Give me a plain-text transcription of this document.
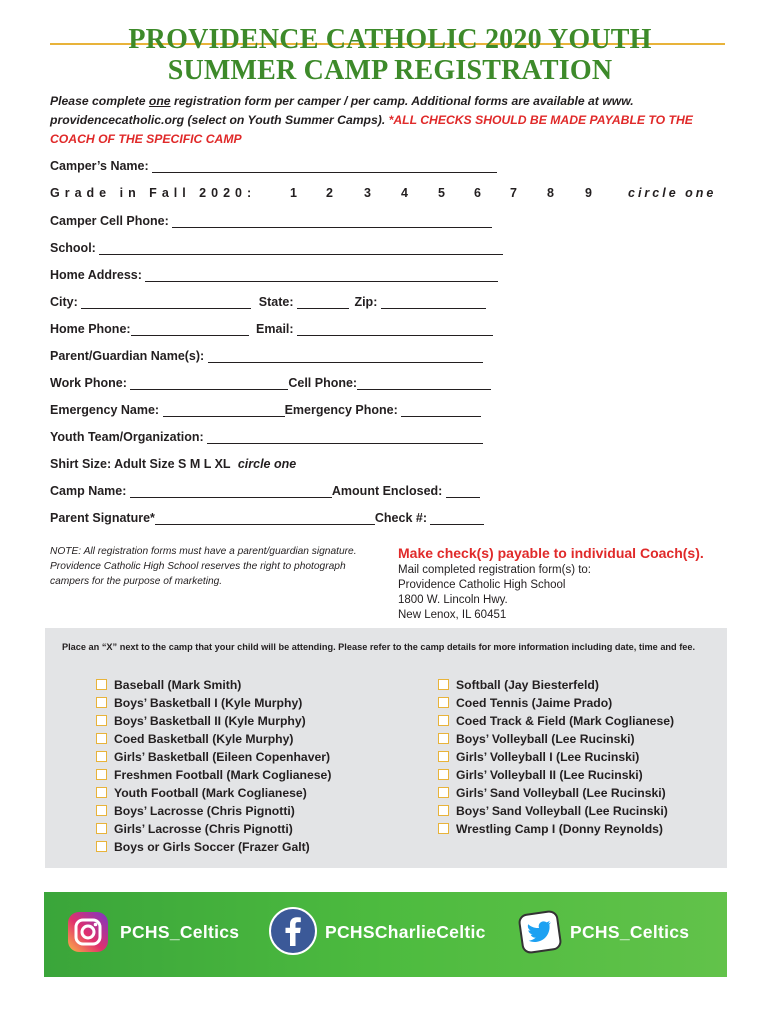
PROVIDENCE CATHOLIC 2020 YOUTH
SUMMER CAMP REGISTRATION
Please complete one registration form per camper / per camp. Additional forms are available at www. providencecatholic.org (select on Youth Summer Camps). *ALL CHECKS SHOULD BE MADE PAYABLE TO THE COACH OF THE SPECIFIC CAMP
Camper’s Name:
Grade in Fall 2020:	1 2 3 4 5 6 7 8 9	circle one
Camper Cell Phone:
School:
Home Address:
City:	State:	Zip:
Home Phone:	Email:
Parent/Guardian Name(s):
Work Phone:	Cell Phone:
Emergency Name:	Emergency Phone:
Youth Team/Organization:
Shirt Size: Adult Size S M L XL circle one
Camp Name:	Amount Enclosed:
Parent Signature*	Check #:
NOTE: All registration forms must have a parent/guardian signature. Providence Catholic High School reserves the right to photograph campers for the purpose of marketing.
Make check(s) payable to individual Coach(s).
Mail completed registration form(s) to:
Providence Catholic High School
1800 W. Lincoln Hwy.
New Lenox, IL 60451
Place an “X” next to the camp that your child will be attending. Please refer to the camp details for more information including date, time and fee.
Baseball (Mark Smith)
Boys’ Basketball I (Kyle Murphy)
Boys’ Basketball II (Kyle Murphy)
Coed Basketball (Kyle Murphy)
Girls’ Basketball (Eileen Copenhaver)
Freshmen Football (Mark Coglianese)
Youth Football (Mark Coglianese)
Boys’ Lacrosse (Chris Pignotti)
Girls’ Lacrosse (Chris Pignotti)
Boys or Girls Soccer (Frazer Galt)
Softball (Jay Biesterfeld)
Coed Tennis (Jaime Prado)
Coed Track & Field (Mark Coglianese)
Boys’ Volleyball (Lee Rucinski)
Girls’ Volleyball I (Lee Rucinski)
Girls’ Volleyball II (Lee Rucinski)
Girls’ Sand Volleyball (Lee Rucinski)
Boys’ Sand Volleyball (Lee Rucinski)
Wrestling Camp I (Donny Reynolds)
PCHS_Celtics	PCHSCharlieCeltic	PCHS_Celtics
